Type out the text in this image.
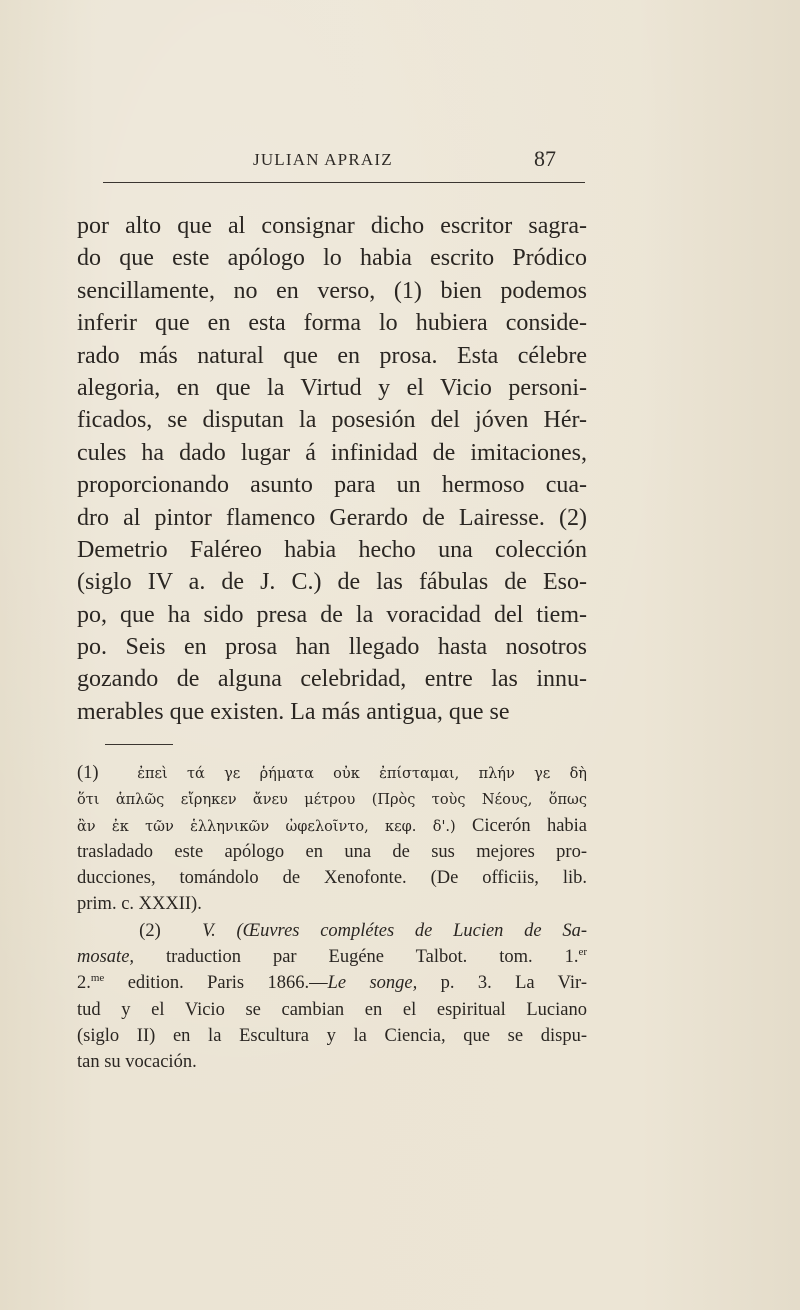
JULIAN APRAIZ	87
por alto que al consignar dicho escritor sagra-
do que este apólogo lo habia escrito Pródico
sencillamente, no en verso, (1) bien podemos
inferir que en esta forma lo hubiera conside-
rado más natural que en prosa. Esta célebre
alegoria, en que la Virtud y el Vicio personi-
ficados, se disputan la posesión del jóven Hér-
cules ha dado lugar á infinidad de imitaciones,
proporcionando asunto para un hermoso cua-
dro al pintor flamenco Gerardo de Lairesse. (2)
Demetrio Faléreo habia hecho una colección
(siglo IV a. de J. C.) de las fábulas de Eso-
po, que ha sido presa de la voracidad del tiem-
po. Seis en prosa han llegado hasta nosotros
gozando de alguna celebridad, entre las innu-
merables que existen. La más antigua, que se
(1)	ἐπεὶ τά γε ῥήματα οὐκ ἐπίσταμαι, πλήν γε δὴ
ὅτι ἁπλῶς εἴρηκεν ἄνευ μέτρου (Πρὸς τοὺς Νέους, ὅπως
ἂν ἐκ τῶν ἑλληνικῶν ὠφελοῖντο, κεφ. δ'.) Cicerón habia
trasladado este apólogo en una de sus mejores pro-
ducciones, tomándolo de Xenofonte. (De officiis, lib.
prim. c. XXXII).
(2) V. (Œuvres complétes de Lucien de Sa-
mosate, traduction par Eugéne Talbot. tom. 1.$^{er}$
2.$^{me}$ edition. Paris 1866.—Le songe, p. 3. La Vir-
tud y el Vicio se cambian en el espiritual Luciano
(siglo II) en la Escultura y la Ciencia, que se dispu-
tan su vocación.
